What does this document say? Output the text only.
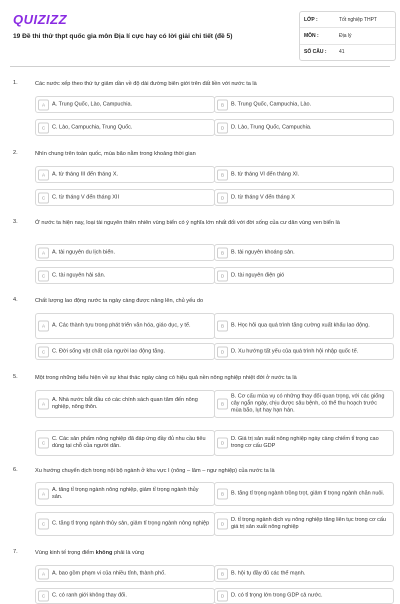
QUIZIZZ
19 Đề thi thử thpt quốc gia môn Địa lí cực hay có lời giải chi tiết (đề 5)
LỚP :	Tốt nghiệp THPT
MÔN :	Địa lý
SỐ CÂU :	41
1.	Các nước xếp theo thứ tự giảm dần về độ dài đường biên giới trên đất liền với nước ta là
A	A. Trung Quốc, Lào, Campuchia.	B	B. Trung Quốc, Campuchia, Lào.
C	C. Lào, Campuchia, Trung Quốc.	D	D. Lào, Trung Quốc, Campuchia.
2.	Nhìn chung trên toàn quốc, mùa bão nằm trong khoảng thời gian
A	A. từ tháng III đến tháng X.	B	B. từ tháng VI đến tháng XI.
C	C. từ tháng V đến tháng XII	D	D. từ tháng V đến tháng X
3.	Ở nước ta hiện nay, loại tài nguyên thiên nhiên vùng biển có ý nghĩa lớn nhất đối với đời sống của cư dân vùng ven biển là
A	A. tài nguyên du lịch biển.	B	B. tài nguyên khoáng sản.
C	C. tài nguyên hải sản.	D	D. tài nguyên điện gió
4.	Chất lượng lao động nước ta ngày càng được nâng lên, chủ yếu do
A	A. Các thành tựu trong phát triển văn hóa, giáo dục, y tế.	B	B. Học hỏi qua quá trình tăng cường xuất khẩu lao động.
C	C. Đời sống vật chất của người lao động tăng.	D	D. Xu hướng tất yếu của quá trình hội nhập quốc tế.
5.	Một trong những biểu hiện về sự khai thác ngày càng có hiệu quả nền nông nghiệp nhiệt đới ở nước ta là
A
A. Nhà nước bắt đầu có các chính sách quan tâm đến nông nghiệp, nông thôn.	B
B. Cơ cấu mùa vụ có những thay đổi quan trọng, với các giống cây ngắn ngày, chịu được sâu bệnh, có thể thu hoạch trước mùa bão, lụt hay hạn hán.
C
C. Các sản phẩm nông nghiệp đã đáp ứng đầy đủ nhu cầu tiêu dùng tại chỗ của người dân.	D
D. Giá trị sản xuất nông nghiệp ngày càng chiếm tỉ trọng cao trong cơ cấu GDP
6.	Xu hướng chuyển dịch trong nội bộ ngành ở khu vực I (nông – lâm – ngư nghiệp) của nước ta là
A
A. tăng tỉ trọng ngành nông nghiệp, giảm tỉ trọng ngành thủy sản.	B	B. tăng tỉ trọng ngành trồng trọt, giảm tỉ trọng ngành chăn nuôi.
C	C. tăng tỉ trọng ngành thủy sản, giảm tỉ trọng ngành nông nghiệp	D
D. tỉ trọng ngành dịch vụ nông nghiệp tăng liên tục trong cơ cấu giá trị sản xuất nông nghiệp
7.	Vùng kinh tế trọng điểm không phải là vùng
A	A. bao gồm phạm vi của nhiều tỉnh, thành phố.	B	B. hội tụ đầy đủ các thế mạnh.
C	C. có ranh giới không thay đổi.	D	D. có tỉ trọng lớn trong GDP cả nước.
